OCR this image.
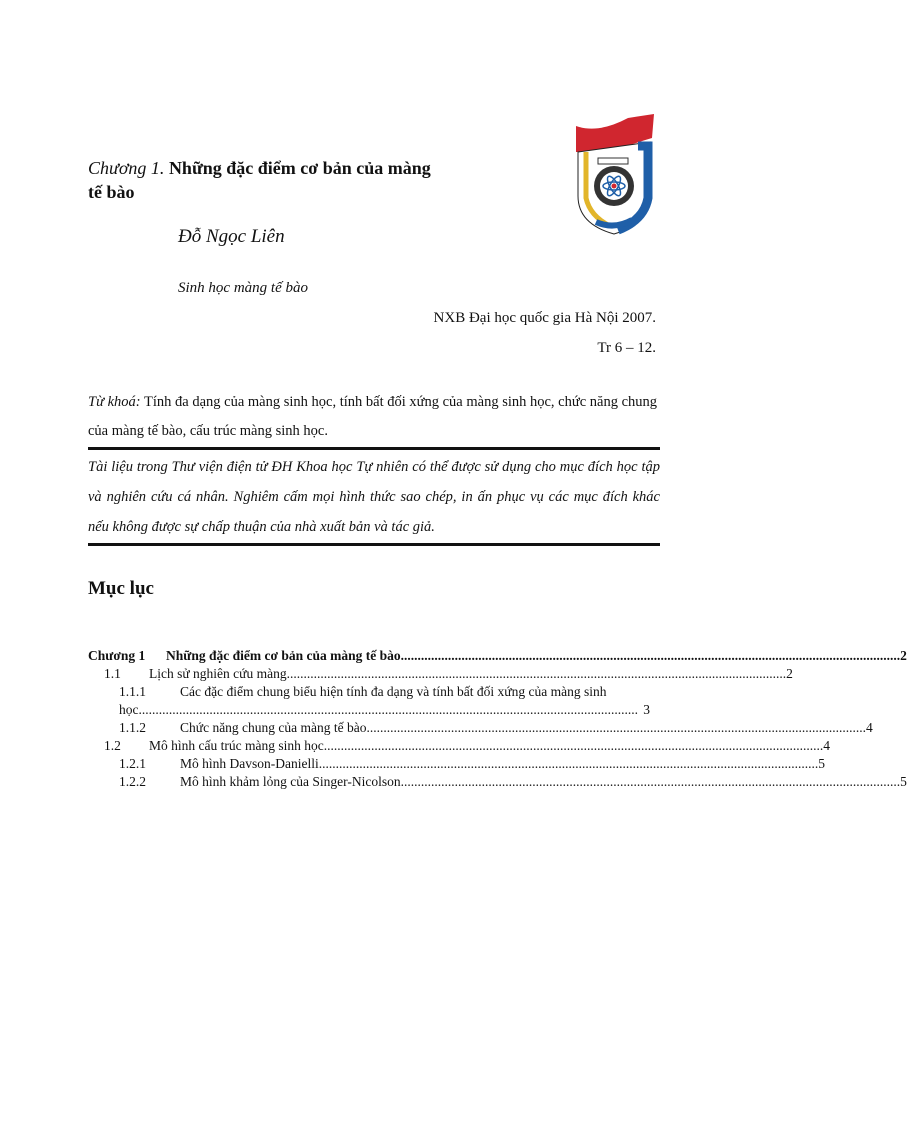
Chương 1. Những đặc điểm cơ bản của màng tế bào
Đỗ Ngọc Liên
Sinh học màng tế bào
NXB Đại học quốc gia Hà Nội 2007.
Tr 6 – 12.
Từ khoá: Tính đa dạng của màng sinh học, tính bất đối xứng của màng sinh học, chức năng chung của màng tế bào, cấu trúc màng sinh học.
Tài liệu trong Thư viện điện tử ĐH Khoa học Tự nhiên có thể được sử dụng cho mục đích học tập và nghiên cứu cá nhân. Nghiêm cấm mọi hình thức sao chép, in ấn phục vụ các mục đích khác nếu không được sự chấp thuận của nhà xuất bản và tác giả.
Mục lục
Chương 1	Những đặc điểm cơ bản của màng tế bào .................................................................................................................................................... 2
1.1	Lịch sử nghiên cứu màng .................................................................................................................................................... 2
1.1.1	Các đặc điểm chung biểu hiện tính đa dạng và tính bất đối xứng của màng sinh
học .................................................................................................................................................... 3
1.1.2	Chức năng chung của màng tế bào .................................................................................................................................................... 4
1.2	Mô hình cấu trúc màng sinh học .................................................................................................................................................... 4
1.2.1	Mô hình Davson-Danielli .................................................................................................................................................... 5
1.2.2	Mô hình khảm lỏng của Singer-Nicolson .................................................................................................................................................... 5
